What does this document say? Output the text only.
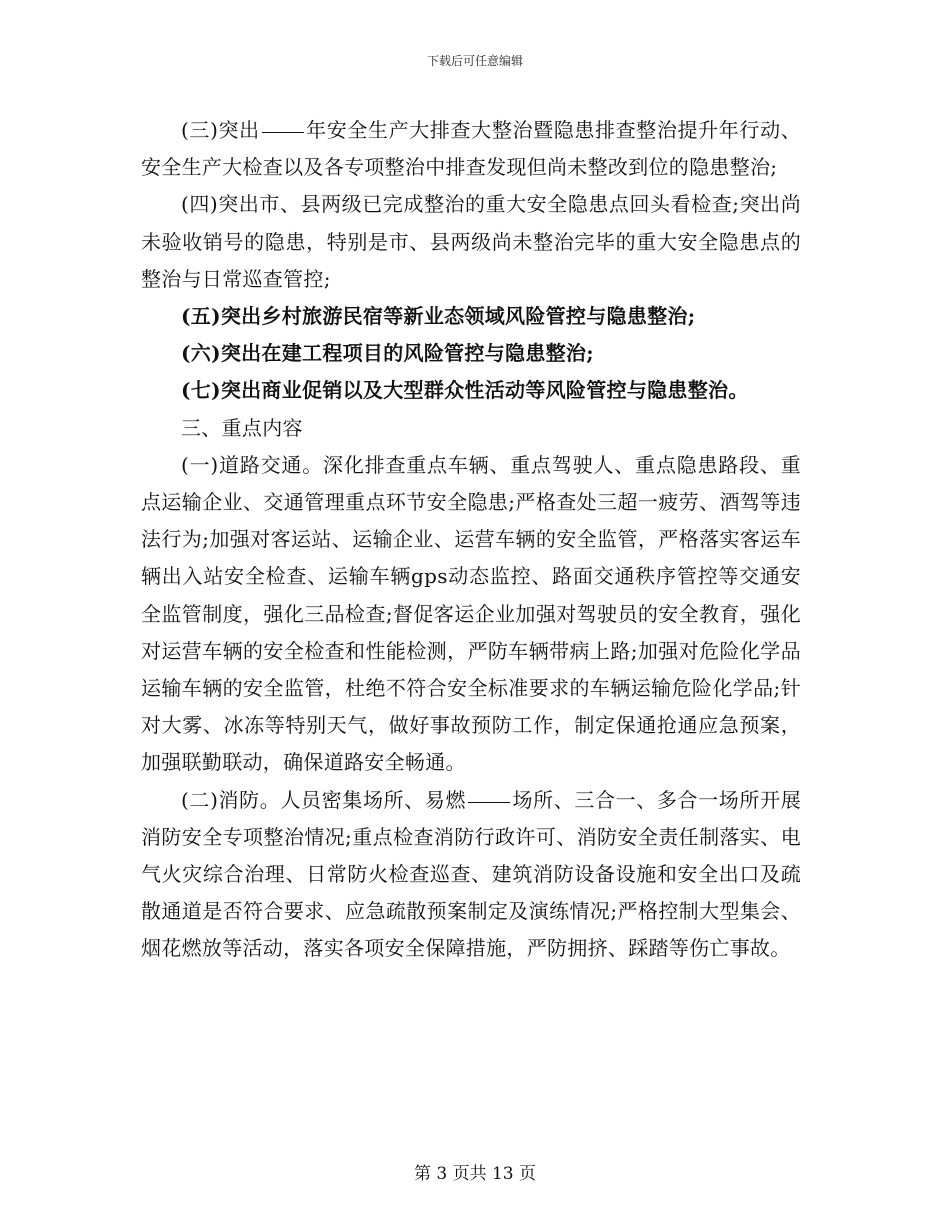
下载后可任意编辑

(三)突出 年安全生产大排查大整治暨隐患排查整治提升年行动、安全生产大检查以及各专项整治中排查发现但尚未整改到位的隐患整治;

(四)突出市、县两级已完成整治的重大安全隐患点回头看检查;突出尚未验收销号的隐患，特别是市、县两级尚未整治完毕的重大安全隐患点的整治与日常巡查管控;

(五)突出乡村旅游民宿等新业态领域风险管控与隐患整治;

(六)突出在建工程项目的风险管控与隐患整治;

(七)突出商业促销以及大型群众性活动等风险管控与隐患整治。

三、重点内容

(一)道路交通。深化排查重点车辆、重点驾驶人、重点隐患路段、重点运输企业、交通管理重点环节安全隐患;严格查处三超一疲劳、酒驾等违法行为;加强对客运站、运输企业、运营车辆的安全监管，严格落实客运车辆出入站安全检查、运输车辆gps动态监控、路面交通秩序管控等交通安全监管制度，强化三品检查;督促客运企业加强对驾驶员的安全教育，强化对运营车辆的安全检查和性能检测，严防车辆带病上路;加强对危险化学品运输车辆的安全监管，杜绝不符合安全标准要求的车辆运输危险化学品;针对大雾、冰冻等特别天气，做好事故预防工作，制定保通抢通应急预案，加强联勤联动，确保道路安全畅通。

(二)消防。人员密集场所、易燃 场所、三合一、多合一场所开展消防安全专项整治情况;重点检查消防行政许可、消防安全责任制落实、电气火灾综合治理、日常防火检查巡查、建筑消防设备设施和安全出口及疏散通道是否符合要求、应急疏散预案制定及演练情况;严格控制大型集会、烟花燃放等活动，落实各项安全保障措施，严防拥挤、踩踏等伤亡事故。

第 3 页共 13 页
